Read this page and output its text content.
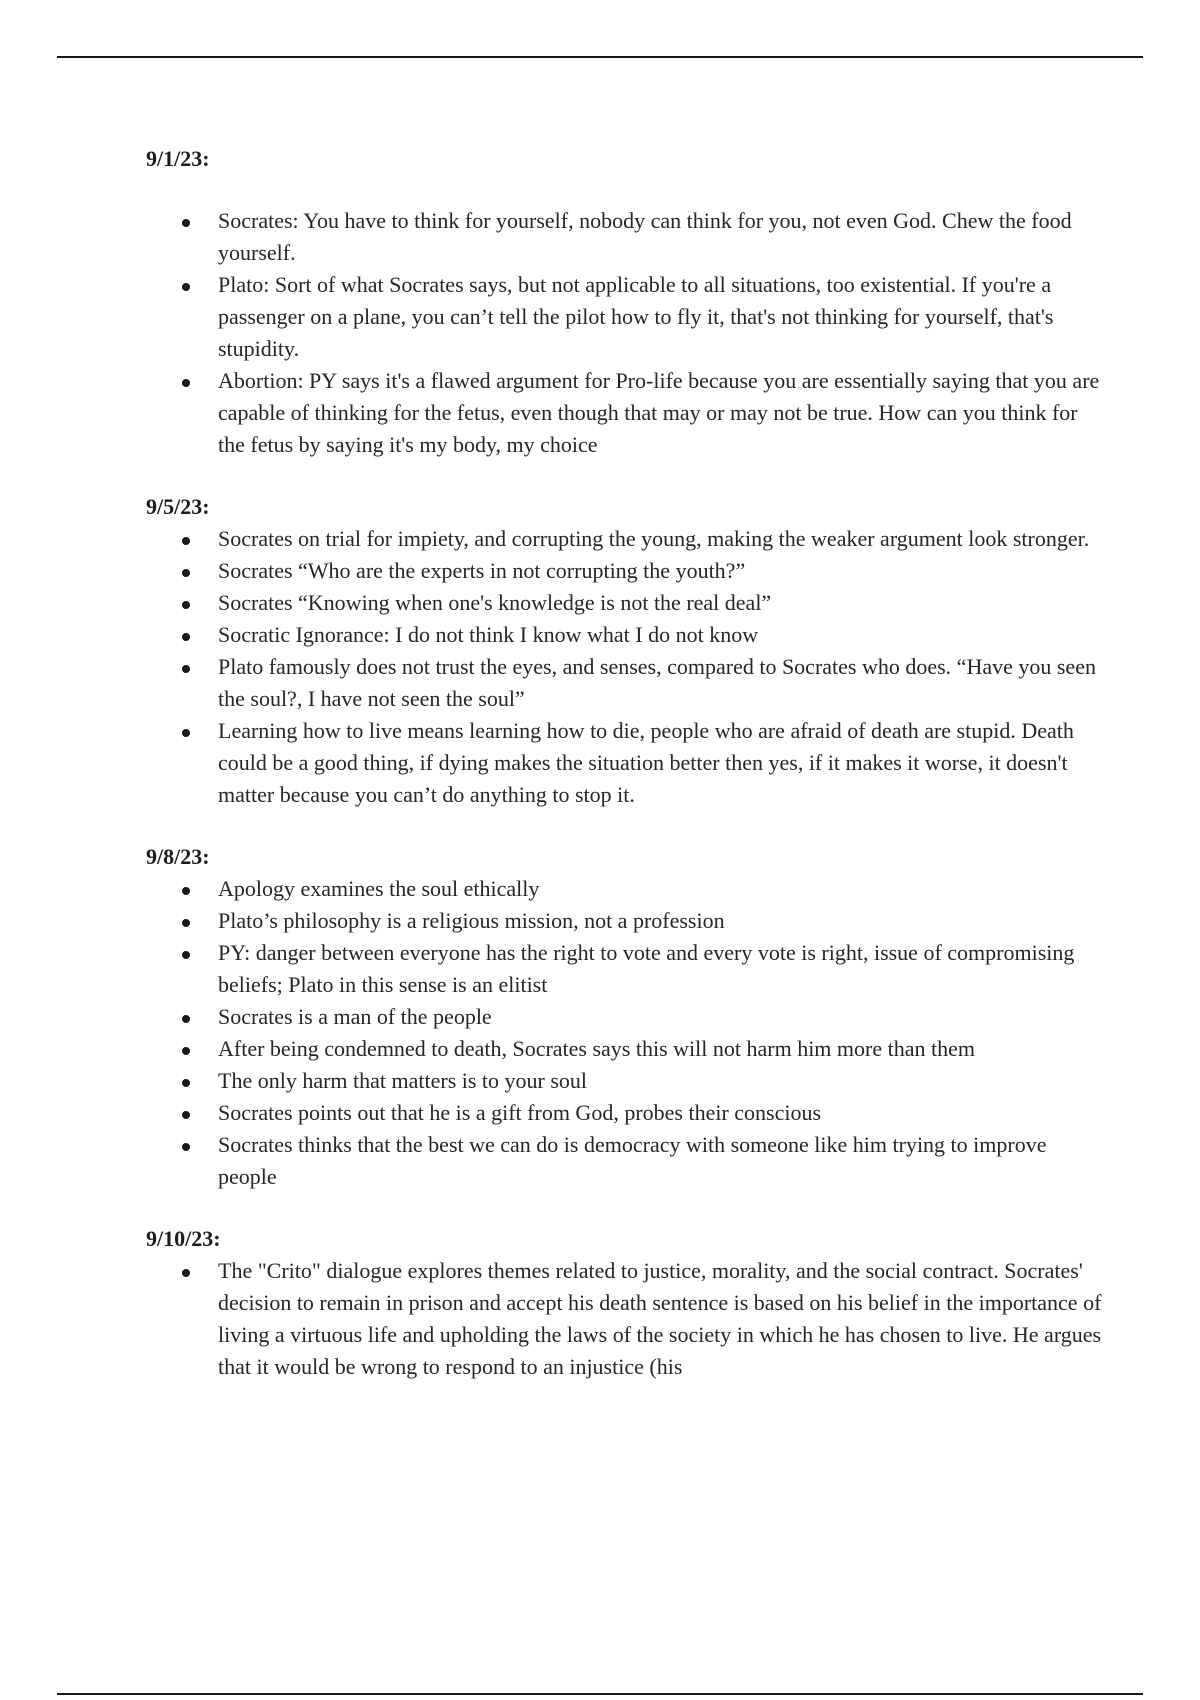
9/1/23:

Socrates: You have to think for yourself, nobody can think for you, not even God. Chew the food yourself.
Plato: Sort of what Socrates says, but not applicable to all situations, too existential. If you're a passenger on a plane, you can’t tell the pilot how to fly it, that's not thinking for yourself, that's stupidity.
Abortion: PY says it's a flawed argument for Pro-life because you are essentially saying that you are capable of thinking for the fetus, even though that may or may not be true. How can you think for the fetus by saying it's my body, my choice

9/5/23:

Socrates on trial for impiety, and corrupting the young, making the weaker argument look stronger.
Socrates “Who are the experts in not corrupting the youth?”
Socrates “Knowing when one's knowledge is not the real deal”
Socratic Ignorance: I do not think I know what I do not know
Plato famously does not trust the eyes, and senses, compared to Socrates who does. “Have you seen the soul?, I have not seen the soul”
Learning how to live means learning how to die, people who are afraid of death are stupid. Death could be a good thing, if dying makes the situation better then yes, if it makes it worse, it doesn't matter because you can’t do anything to stop it.

9/8/23:

Apology examines the soul ethically
Plato’s philosophy is a religious mission, not a profession
PY: danger between everyone has the right to vote and every vote is right, issue of compromising beliefs; Plato in this sense is an elitist
Socrates is a man of the people
After being condemned to death, Socrates says this will not harm him more than them
The only harm that matters is to your soul
Socrates points out that he is a gift from God, probes their conscious
Socrates thinks that the best we can do is democracy with someone like him trying to improve people

9/10/23:

The "Crito" dialogue explores themes related to justice, morality, and the social contract. Socrates' decision to remain in prison and accept his death sentence is based on his belief in the importance of living a virtuous life and upholding the laws of the society in which he has chosen to live. He argues that it would be wrong to respond to an injustice (his
